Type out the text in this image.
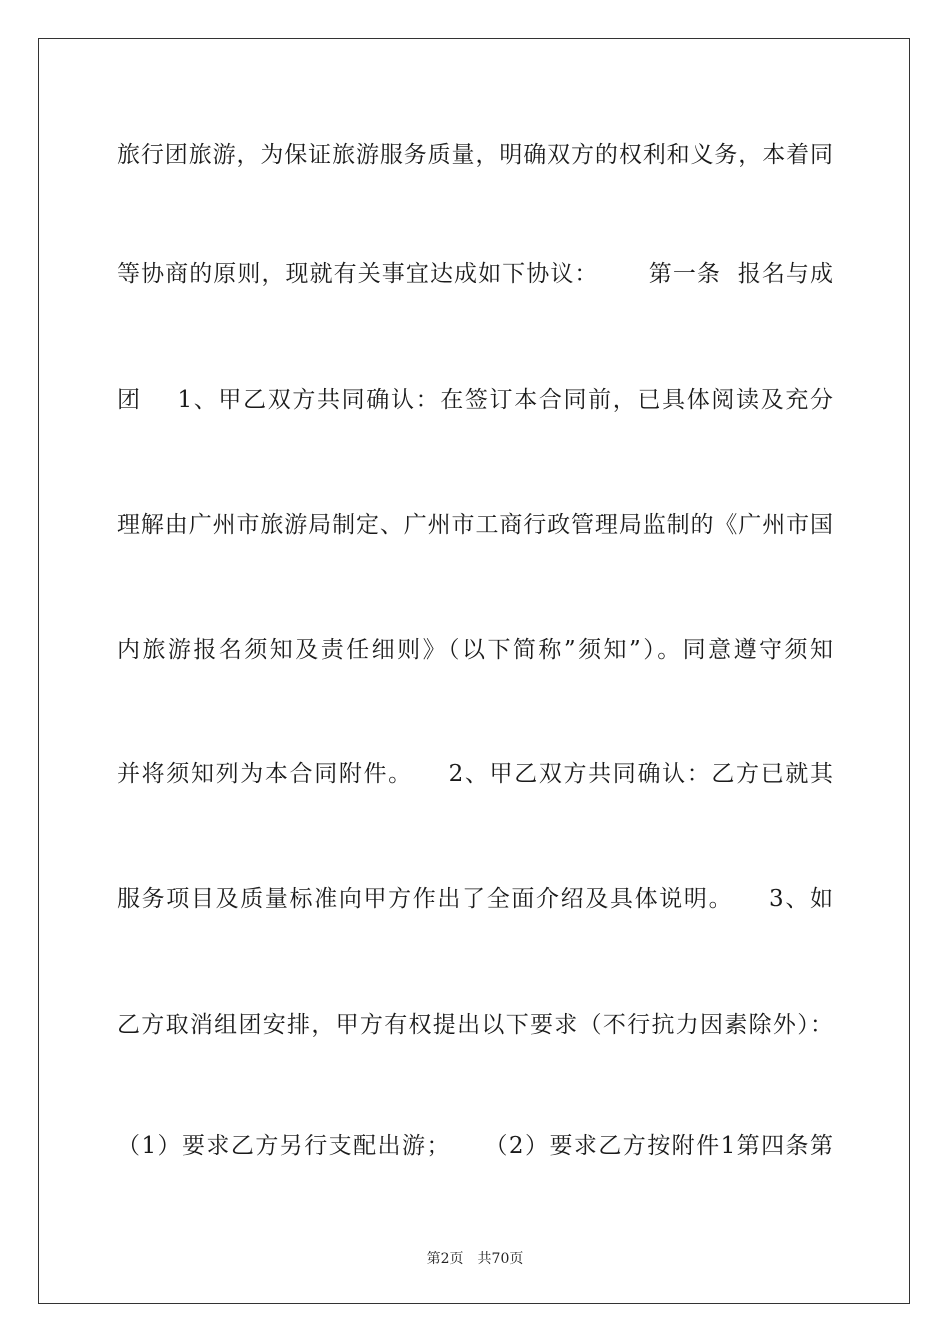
旅行团旅游，为保证旅游服务质量，明确双方的权利和义务，本着同
等协商的原则，现就有关事宜达成如下协议：      第一条  报名与成
团    1、甲乙双方共同确认：在签订本合同前，已具体阅读及充分
理解由广州市旅游局制定、广州市工商行政管理局监制的《广州市国
内旅游报名须知及责任细则》（以下简称”须知”）。同意遵守须知
并将须知列为本合同附件。    2、甲乙双方共同确认：乙方已就其
服务项目及质量标准向甲方作出了全面介绍及具体说明。    3、如
乙方取消组团安排，甲方有权提出以下要求（不行抗力因素除外）：
（1）要求乙方另行支配出游；    （2）要求乙方按附件1第四条第
第2页 共70页
